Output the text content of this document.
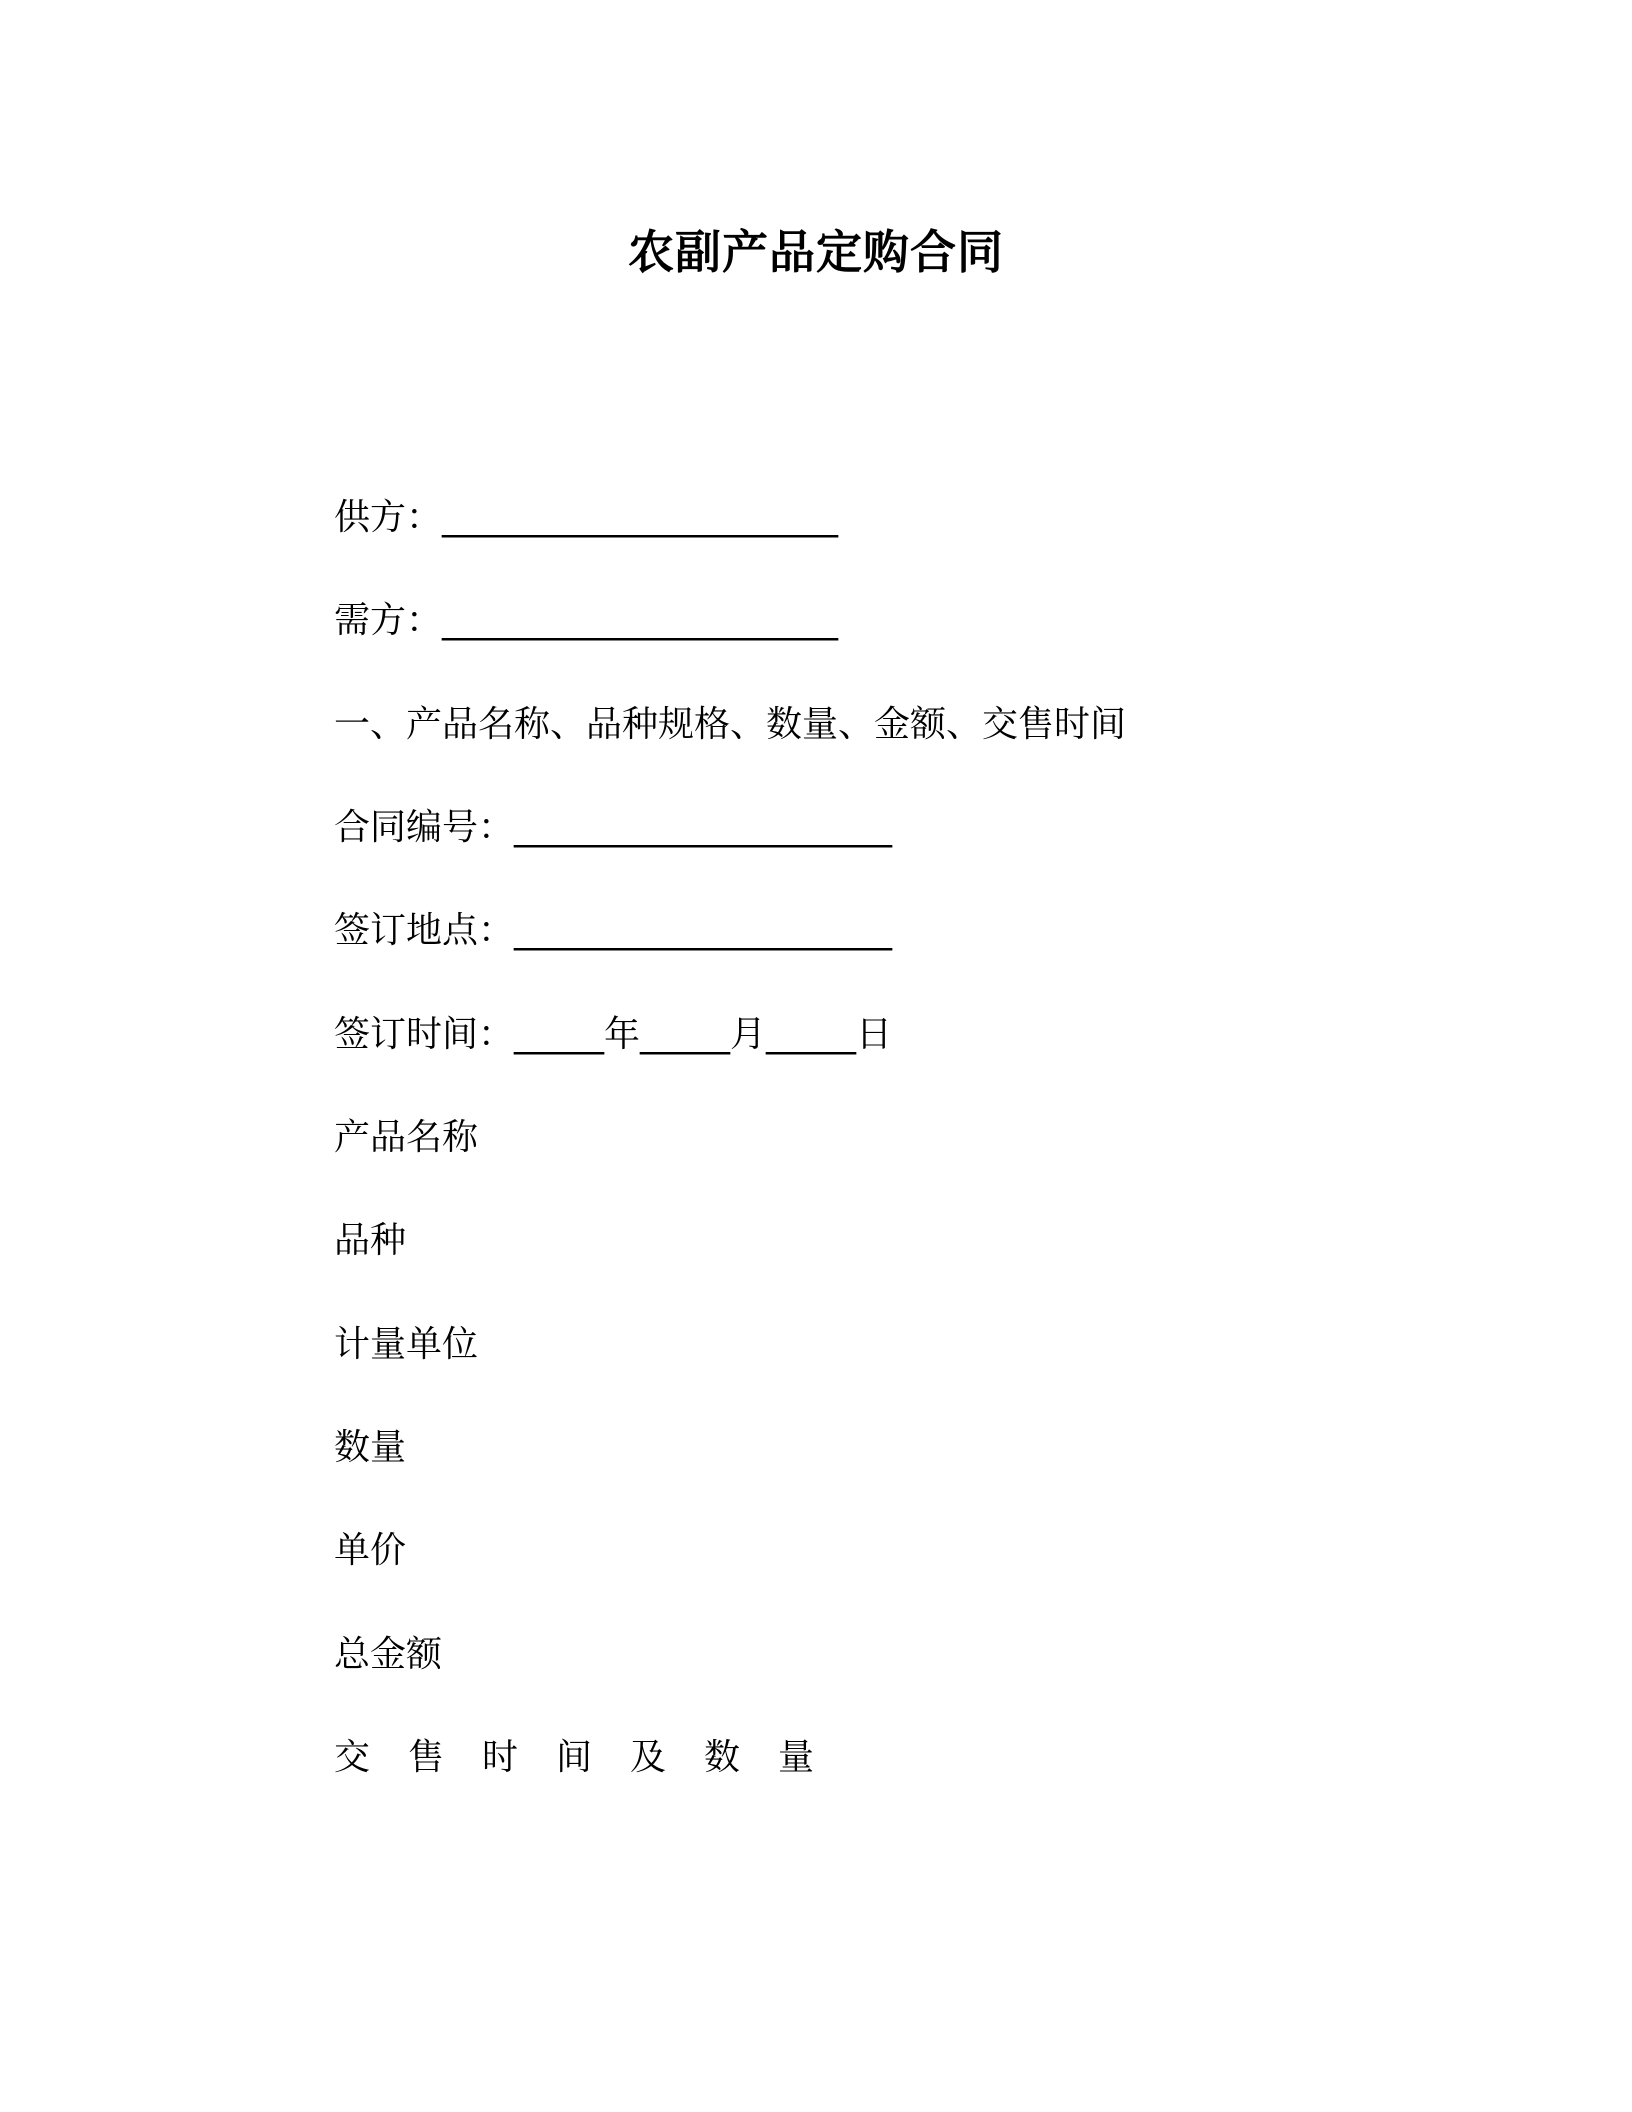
农副产品定购合同
供方：______________________
需方：______________________
一、产品名称、品种规格、数量、金额、交售时间
合同编号：_____________________
签订地点：_____________________
签订时间：_____年_____月_____日
产品名称
品种
计量单位
数量
单价
总金额
交售时间及数量
